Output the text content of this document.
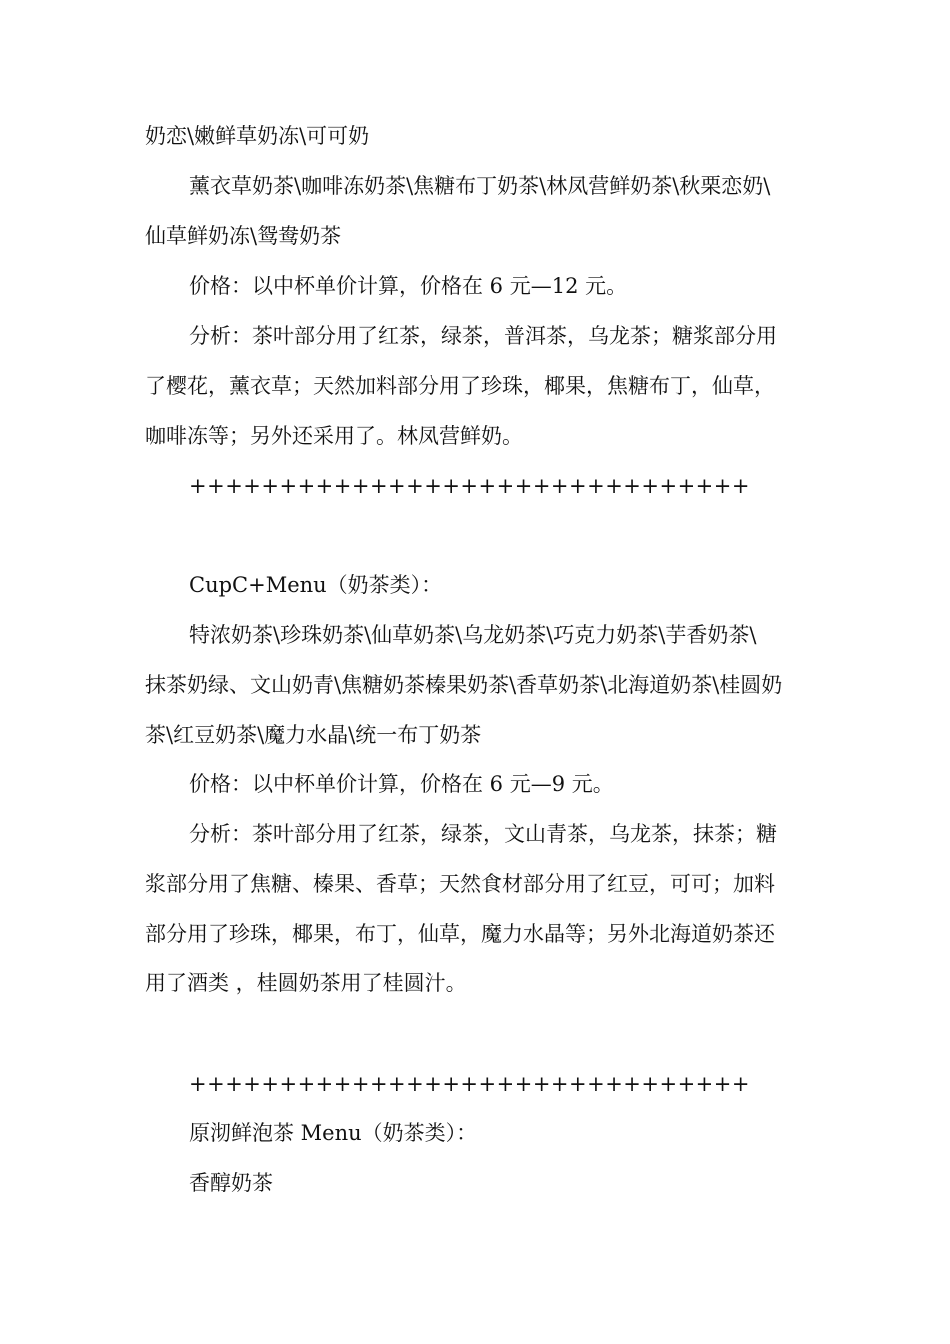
奶恋\嫩鲜草奶冻\可可奶
薰衣草奶茶\咖啡冻奶茶\焦糖布丁奶茶\林凤营鲜奶茶\秋栗恋奶\
仙草鲜奶冻\鸳鸯奶茶
价格：以中杯单价计算，价格在 6 元—12 元。
分析：茶叶部分用了红茶，绿茶，普洱茶，乌龙茶；糖浆部分用
了樱花，薰衣草；天然加料部分用了珍珠，椰果，焦糖布丁，仙草，
咖啡冻等；另外还采用了。林凤营鲜奶。
+++++++++++++++++++++++++++++++
CupC+Menu（奶茶类）：
特浓奶茶\珍珠奶茶\仙草奶茶\乌龙奶茶\巧克力奶茶\芋香奶茶\
抹茶奶绿、文山奶青\焦糖奶茶榛果奶茶\香草奶茶\北海道奶茶\桂圆奶
茶\红豆奶茶\魔力水晶\统一布丁奶茶
价格：以中杯单价计算，价格在 6 元—9 元。
分析：茶叶部分用了红茶，绿茶，文山青茶，乌龙茶，抹茶；糖
浆部分用了焦糖、榛果、香草；天然食材部分用了红豆，可可；加料
部分用了珍珠，椰果，布丁，仙草，魔力水晶等；另外北海道奶茶还
用了酒类 ，桂圆奶茶用了桂圆汁。
+++++++++++++++++++++++++++++++
原沏鲜泡茶 Menu（奶茶类）：
香醇奶茶
